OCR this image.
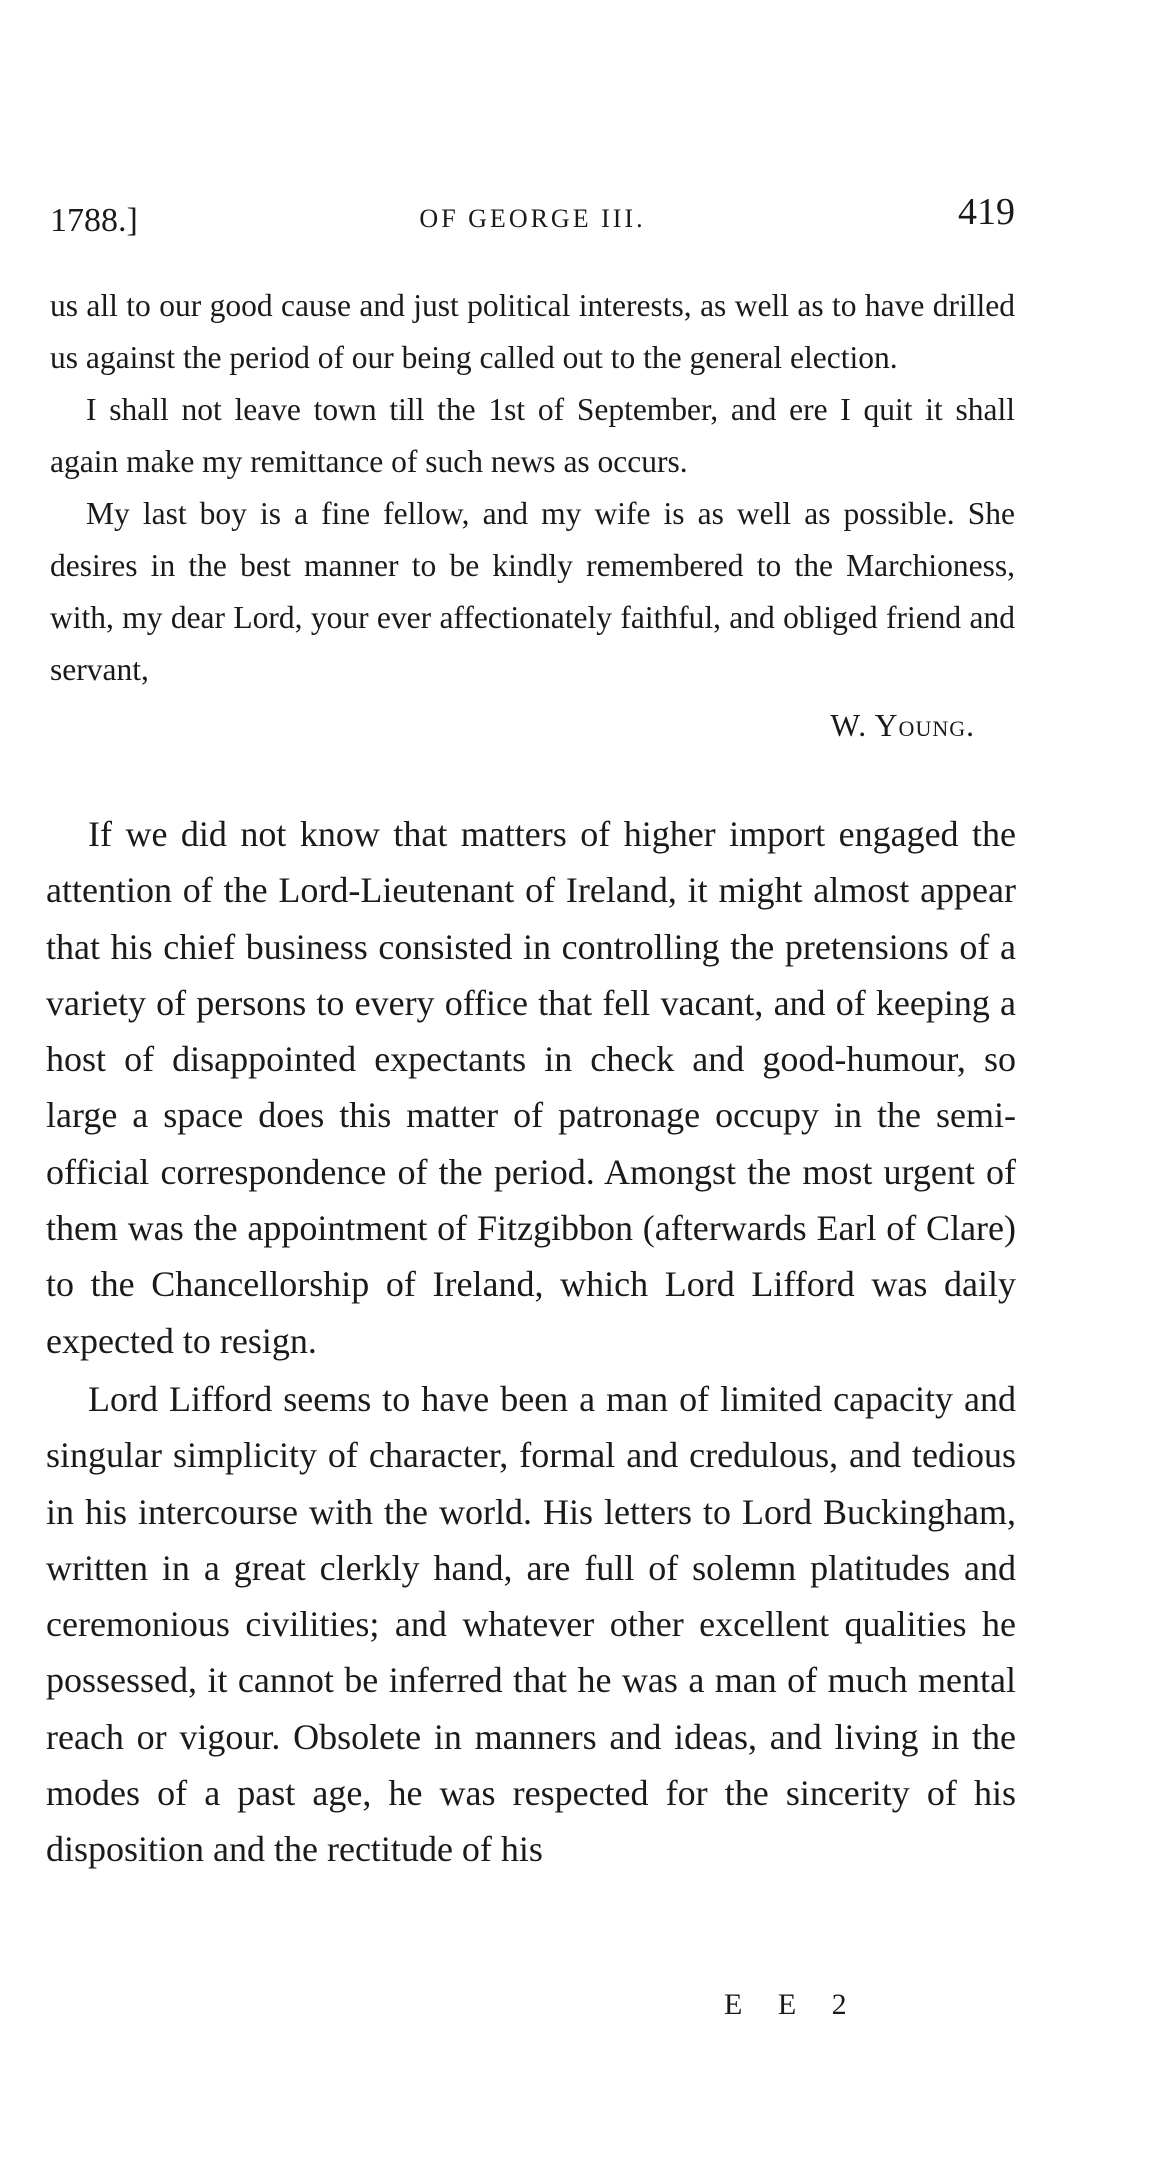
1788.]	OF GEORGE III.	419

us all to our good cause and just political interests, as well as to have drilled us against the period of our being called out to the general election.

I shall not leave town till the 1st of September, and ere I quit it shall again make my remittance of such news as occurs.

My last boy is a fine fellow, and my wife is as well as possible. She desires in the best manner to be kindly remembered to the Marchioness, with, my dear Lord, your ever affectionately faithful, and obliged friend and servant,

W. Young.

If we did not know that matters of higher import engaged the attention of the Lord-Lieutenant of Ireland, it might almost appear that his chief business consisted in controlling the pretensions of a variety of persons to every office that fell vacant, and of keeping a host of disappointed expectants in check and good-humour, so large a space does this matter of patronage occupy in the semi-official correspondence of the period. Amongst the most urgent of them was the appointment of Fitzgibbon (afterwards Earl of Clare) to the Chancellorship of Ireland, which Lord Lifford was daily expected to resign.

Lord Lifford seems to have been a man of limited capacity and singular simplicity of character, formal and credulous, and tedious in his intercourse with the world. His letters to Lord Buckingham, written in a great clerkly hand, are full of solemn platitudes and ceremonious civilities; and whatever other excellent qualities he possessed, it cannot be inferred that he was a man of much mental reach or vigour. Obsolete in manners and ideas, and living in the modes of a past age, he was respected for the sincerity of his disposition and the rectitude of his

E E 2
